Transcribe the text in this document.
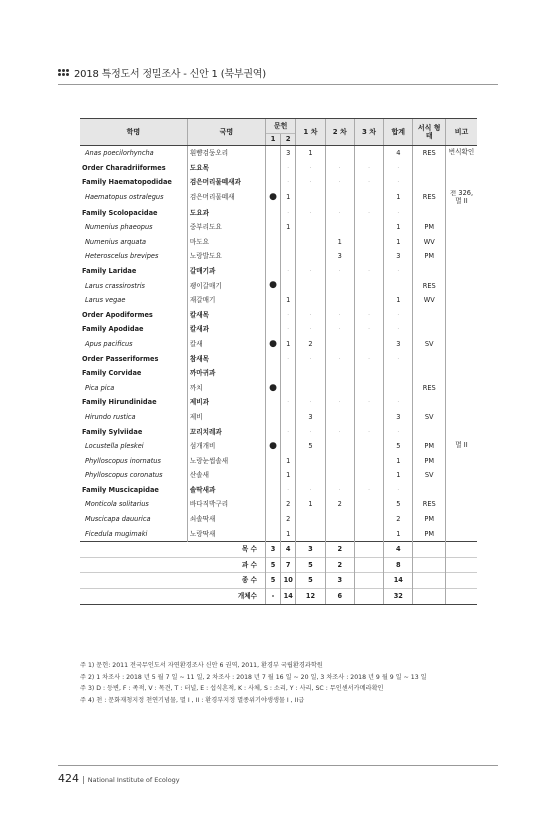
2018 특정도서 정밀조사 - 신안 1 (북부권역)
학명	국명	문헌		1 차	2 차	3 차	합계	서식 형태	비고
		1	2						
Anas poecilorhyncha	흰뺨검둥오리		3	1			4	RES	번식확인
Order Charadriiformes	도요목		·	·	·	·	·		
Family Haematopodidae	검은머리물떼새과		·	·	·	·	·		
Haematopus ostralegus	검은머리물떼새	●	1				1	RES	천 326, 멸 II
Family Scolopacidae	도요과		·	·	·	·	·		
Numenius phaeopus	중부리도요		1				1	PM	
Numenius arquata	마도요				1		1	WV	
Heteroscelus brevipes	노랑발도요				3		3	PM	
Family Laridae	갈매기과		·	·	·	·	·		
Larus crassirostris	괭이갈매기	●						RES	
Larus vegae	재갈매기		1				1	WV	
Order Apodiformes	칼새목		·	·	·	·	·		
Family Apodidae	칼새과		·	·	·	·	·		
Apus pacificus	칼새	●	1	2			3	SV	
Order Passeriformes	참새목		·	·	·	·	·		
Family Corvidae	까마귀과								
Pica pica	까치	●						RES	
Family Hirundinidae	제비과		·	·	·	·	·		
Hirundo rustica	제비			3			3	SV	
Family Sylviidae	꼬리치레과		·	·	·	·	·		
Locustella pleskei	섬개개비	●		5			5	PM	멸 II
Phylloscopus inornatus	노랑눈썹솔새		1				1	PM	
Phylloscopus coronatus	산솔새		1				1	SV	
Family Muscicapidae	솔딱새과		·	·	·	·	·		
Monticola solitarius	바다직박구리		2	1	2		5	RES	
Muscicapa dauurica	쇠솔딱새		2				2	PM	
Ficedula mugimaki	노랑딱새		1				1	PM	
목 수		3	4	3	2		4		
과 수		5	7	5	2		8		
종 수		5	10	5	3		14		
개체수		-	14	12	6		32		
주 1) 문헌: 2011 전국무인도서 자연환경조사 신안 6 권역, 2011, 환경부 국립환경과학원
주 2) 1 차조사 : 2018 년 5 월 7 일 ~ 11 일, 2 차조사 : 2018 년 7 월 16 일 ~ 20 일, 3 차조사 : 2018 년 9 월 9 일 ~ 13 일
주 3) D : 등변, F : 족적, V : 목견, T : 터널, E : 섭식흔적, K : 사체, S : 소리, Y : 사리, SC : 무인센서카메라확인
주 4) 천 : 문화재청지정 천연기념물, 멸 I , II : 환경부지정 멸종위기야생생물 I , II급
424 | National Institute of Ecology
